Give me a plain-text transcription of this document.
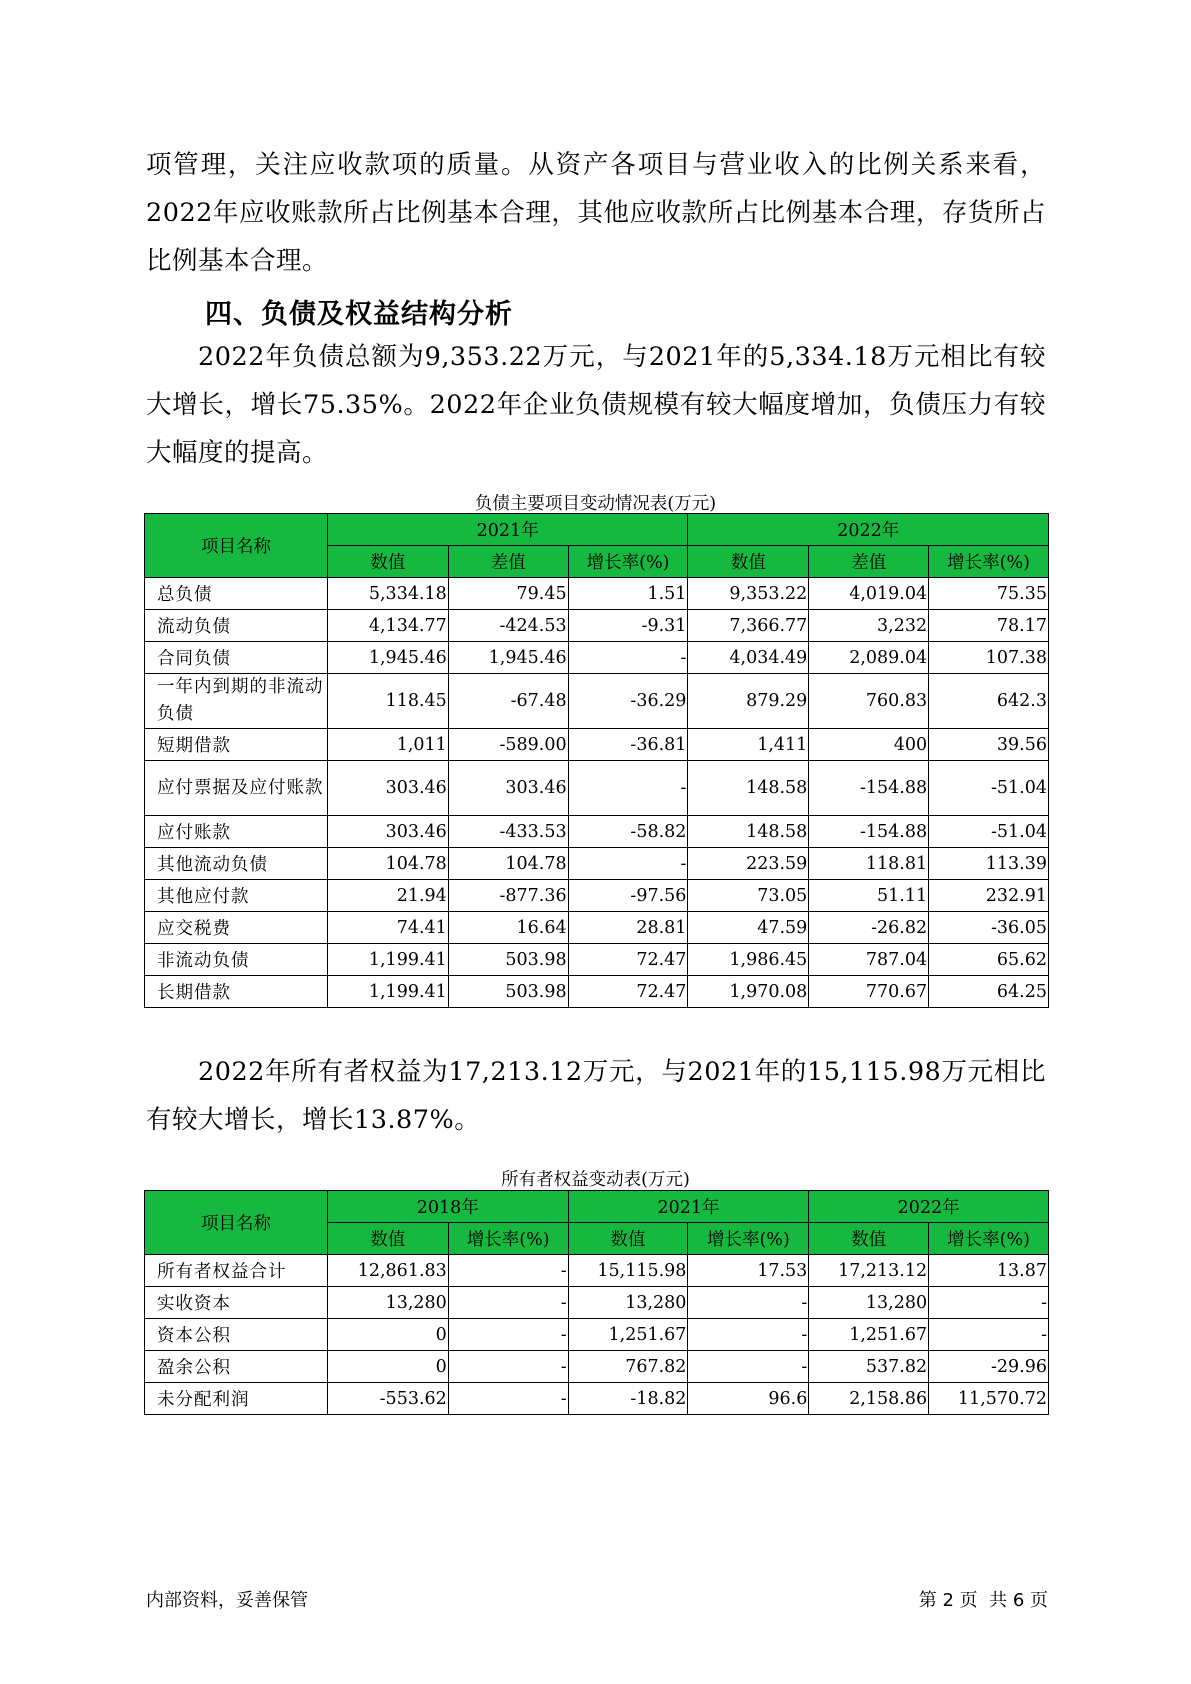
项管理，关注应收款项的质量。从资产各项目与营业收入的比例关系来看，2022年应收账款所占比例基本合理，其他应收款所占比例基本合理，存货所占比例基本合理。

四、负债及权益结构分析

2022年负债总额为9,353.22万元，与2021年的5,334.18万元相比有较大增长，增长75.35%。2022年企业负债规模有较大幅度增加，负债压力有较大幅度的提高。

负债主要项目变动情况表(万元)

项目名称	2021年			2022年		
	数值	差值	增长率(%)	数值	差值	增长率(%)
总负债	5,334.18	79.45	1.51	9,353.22	4,019.04	75.35
流动负债	4,134.77	-424.53	-9.31	7,366.77	3,232	78.17
合同负债	1,945.46	1,945.46	-	4,034.49	2,089.04	107.38
一年内到期的非流动负债	118.45	-67.48	-36.29	879.29	760.83	642.3
短期借款	1,011	-589.00	-36.81	1,411	400	39.56
应付票据及应付账款	303.46	303.46	-	148.58	-154.88	-51.04
应付账款	303.46	-433.53	-58.82	148.58	-154.88	-51.04
其他流动负债	104.78	104.78	-	223.59	118.81	113.39
其他应付款	21.94	-877.36	-97.56	73.05	51.11	232.91
应交税费	74.41	16.64	28.81	47.59	-26.82	-36.05
非流动负债	1,199.41	503.98	72.47	1,986.45	787.04	65.62
长期借款	1,199.41	503.98	72.47	1,970.08	770.67	64.25

2022年所有者权益为17,213.12万元，与2021年的15,115.98万元相比有较大增长，增长13.87%。

所有者权益变动表(万元)

项目名称	2018年		2021年		2022年	
	数值	增长率(%)	数值	增长率(%)	数值	增长率(%)
所有者权益合计	12,861.83	-	15,115.98	17.53	17,213.12	13.87
实收资本	13,280	-	13,280	-	13,280	-
资本公积	0	-	1,251.67	-	1,251.67	-
盈余公积	0	-	767.82	-	537.82	-29.96
未分配利润	-553.62	-	-18.82	96.6	2,158.86	11,570.72

内部资料，妥善保管	第 2 页  共 6 页
